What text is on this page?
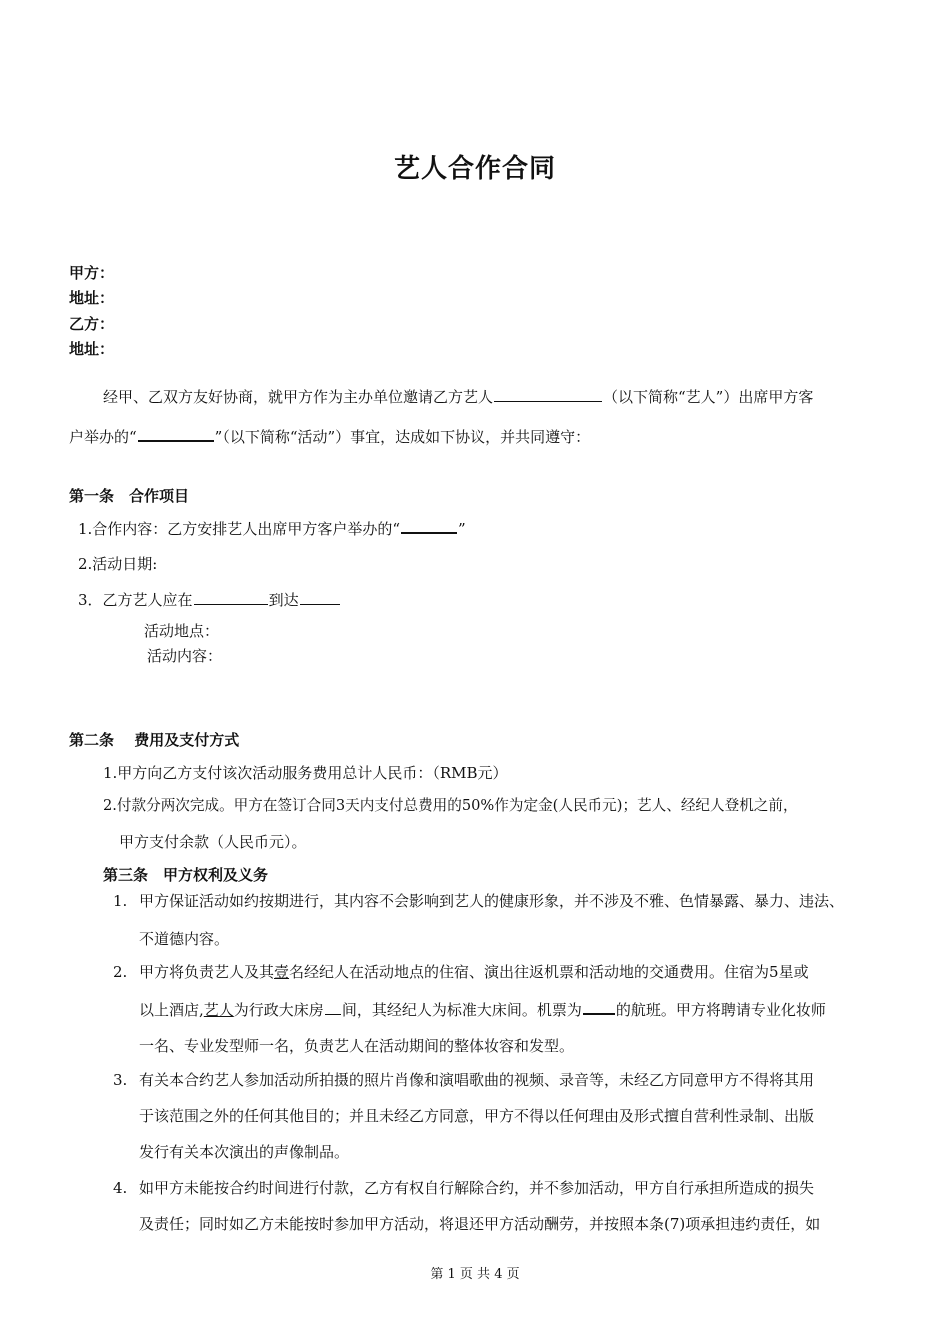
艺人合作合同
甲方：
地址：
乙方：
地址：
经甲、乙双方友好协商，就甲方作为主办单位邀请乙方艺人	（以下简称“艺人”）出席甲方客
户举办的“	”（以下简称“活动”）事宜，达成如下协议，并共同遵守：
第一条　合作项目
1.合作内容：乙方安排艺人出席甲方客户举办的“	”
2.活动日期:
3．乙方艺人应在	到达
活动地点：
活动内容：
第二条　 费用及支付方式
1.甲方向乙方支付该次活动服务费用总计人民币：（RMB元）
2.付款分两次完成。甲方在签订合同3天内支付总费用的50%作为定金(人民币元)；艺人、经纪人登机之前，
甲方支付余款（人民币元）。
第三条　甲方权利及义务
1. 甲方保证活动如约按期进行，其内容不会影响到艺人的健康形象，并不涉及不雅、色情暴露、暴力、违法、
不道德内容。
2. 甲方将负责艺人及其壹名经纪人在活动地点的住宿、演出往返机票和活动地的交通费用。住宿为5星或
以上酒店,艺人为行政大床房 间，其经纪人为标准大床间。机票为 的航班。甲方将聘请专业化妆师
一名、专业发型师一名，负责艺人在活动期间的整体妆容和发型。
3. 有关本合约艺人参加活动所拍摄的照片肖像和演唱歌曲的视频、录音等，未经乙方同意甲方不得将其用
于该范围之外的任何其他目的；并且未经乙方同意，甲方不得以任何理由及形式擅自营利性录制、出版
发行有关本次演出的声像制品。
4. 如甲方未能按合约时间进行付款，乙方有权自行解除合约，并不参加活动，甲方自行承担所造成的损失
及责任；同时如乙方未能按时参加甲方活动，将退还甲方活动酬劳，并按照本条(7)项承担违约责任，如
第 1 页 共 4 页
